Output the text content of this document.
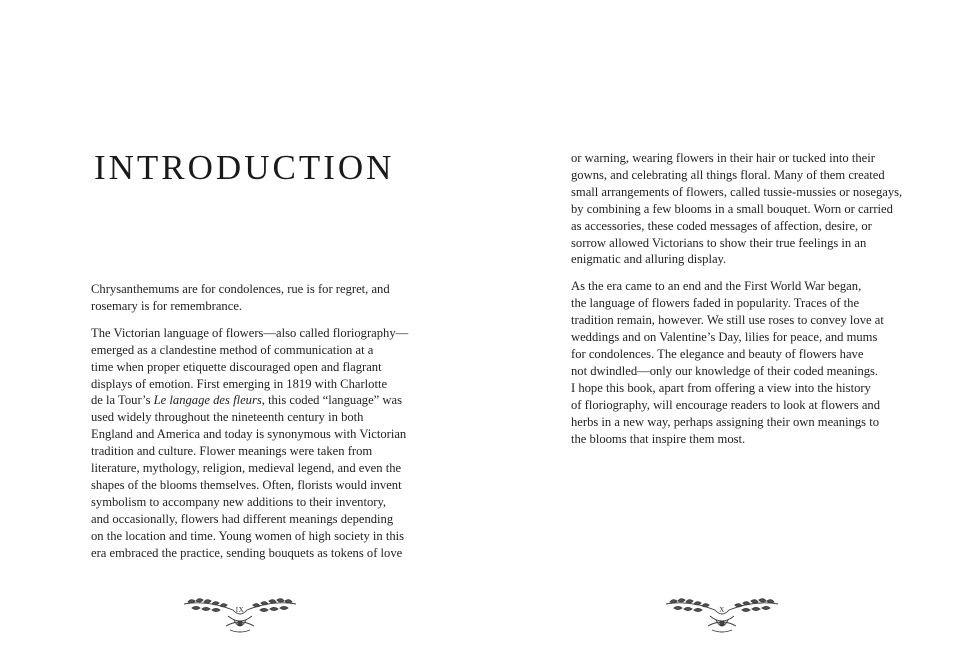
INTRODUCTION

Chrysanthemums are for condolences, rue is for regret, and
rosemary is for remembrance.

The Victorian language of flowers—also called floriography—
emerged as a clandestine method of communication at a
time when proper etiquette discouraged open and flagrant
displays of emotion. First emerging in 1819 with Charlotte
de la Tour’s Le langage des fleurs, this coded “language” was
used widely throughout the nineteenth century in both
England and America and today is synonymous with Victorian
tradition and culture. Flower meanings were taken from
literature, mythology, religion, medieval legend, and even the
shapes of the blooms themselves. Often, florists would invent
symbolism to accompany new additions to their inventory,
and occasionally, flowers had different meanings depending
on the location and time. Young women of high society in this
era embraced the practice, sending bouquets as tokens of love

IX

or warning, wearing flowers in their hair or tucked into their
gowns, and celebrating all things floral. Many of them created
small arrangements of flowers, called tussie-mussies or nosegays,
by combining a few blooms in a small bouquet. Worn or carried
as accessories, these coded messages of affection, desire, or
sorrow allowed Victorians to show their true feelings in an
enigmatic and alluring display.

As the era came to an end and the First World War began,
the language of flowers faded in popularity. Traces of the
tradition remain, however. We still use roses to convey love at
weddings and on Valentine’s Day, lilies for peace, and mums
for condolences. The elegance and beauty of flowers have
not dwindled—only our knowledge of their coded meanings.
I hope this book, apart from offering a view into the history
of floriography, will encourage readers to look at flowers and
herbs in a new way, perhaps assigning their own meanings to
the blooms that inspire them most.

X
